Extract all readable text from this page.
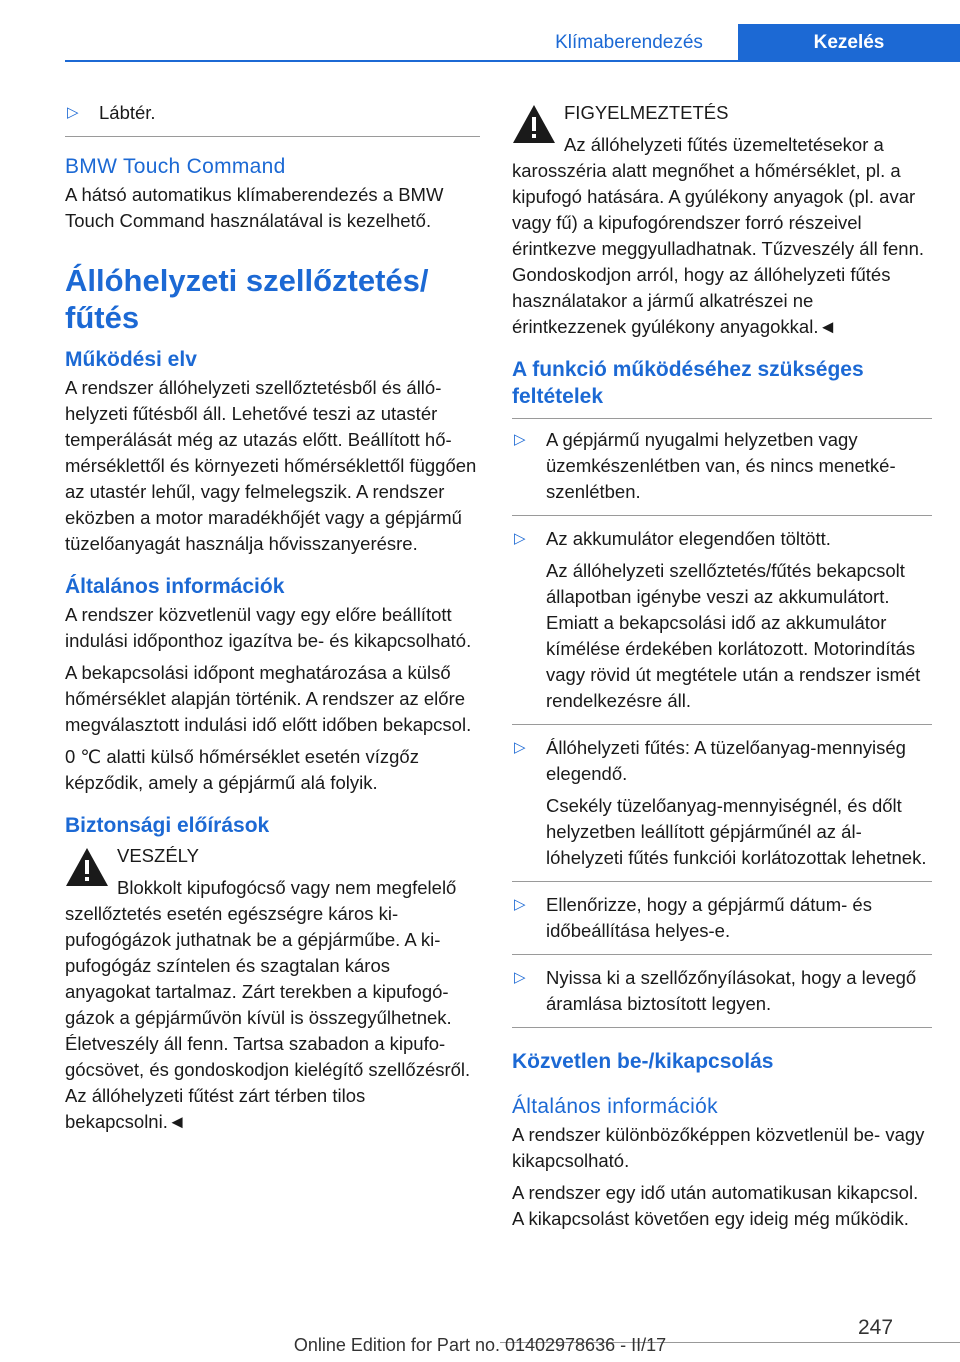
Klímaberendezés	Kezelés
▷ Lábtér.
BMW Touch Command
A hátsó automatikus klímaberendezés a BMW Touch Command használatával is kezelhető.
Állóhelyzeti szellőztetés/ fűtés
Működési elv
A rendszer állóhelyzeti szellőztetésből és állóhelyzeti fűtésből áll. Lehetővé teszi az utastér temperálását még az utazás előtt. Beállított hőmérséklettől és környezeti hőmérséklettől függően az utastér lehűl, vagy felmelegszik. A rendszer eközben a motor maradékhőjét vagy a gépjármű tüzelőanyagát használja hővisszanyerésre.
Általános információk
A rendszer közvetlenül vagy egy előre beállított indulási időponthoz igazítva be- és kikapcsolható.
A bekapcsolási időpont meghatározása a külső hőmérséklet alapján történik. A rendszer az előre megválasztott indulási idő előtt időben bekapcsol.
0 ℃ alatti külső hőmérséklet esetén vízgőz képződik, amely a gépjármű alá folyik.
Biztonsági előírások
VESZÉLY
Blokkolt kipufogócső vagy nem megfelelő szellőztetés esetén egészségre káros kipufogógázok juthatnak be a gépjárműbe. A kipufogógáz színtelen és szagtalan káros anyagokat tartalmaz. Zárt terekben a kipufogógázok a gépjárművön kívül is összegyűlhetnek. Életveszély áll fenn. Tartsa szabadon a kipufogócsövet, és gondoskodjon kielégítő szellőzésről. Az állóhelyzeti fűtést zárt térben tilos bekapcsolni.◄
FIGYELMEZTETÉS
Az állóhelyzeti fűtés üzemeltetésekor a karosszéria alatt megnőhet a hőmérséklet, pl. a kipufogó hatására. A gyúlékony anyagok (pl. avar vagy fű) a kipufogórendszer forró részeivel érintkezve meggyulladhatnak. Tűzveszély áll fenn. Gondoskodjon arról, hogy az állóhelyzeti fűtés használatakor a jármű alkatrészei ne érintkezzenek gyúlékony anyagokkal.◄
A funkció működéséhez szükséges feltételek
▷ A gépjármű nyugalmi helyzetben vagy üzemkészenlétben van, és nincs menetkészenlétben.
▷ Az akkumulátor elegendően töltött.
Az állóhelyzeti szellőztetés/fűtés bekapcsolt állapotban igénybe veszi az akkumulátort. Emiatt a bekapcsolási idő az akkumulátor kímélése érdekében korlátozott. Motorindítás vagy rövid út megtétele után a rendszer ismét rendelkezésre áll.
▷ Állóhelyzeti fűtés: A tüzelőanyag-mennyiség elegendő.
Csekély tüzelőanyag-mennyiségnél, és dőlt helyzetben leállított gépjárműnél az állóhelyzeti fűtés funkciói korlátozottak lehetnek.
▷ Ellenőrizze, hogy a gépjármű dátum- és időbeállítása helyes-e.
▷ Nyissa ki a szellőzőnyílásokat, hogy a levegő áramlása biztosított legyen.
Közvetlen be-/kikapcsolás
Általános információk
A rendszer különbözőképpen közvetlenül be- vagy kikapcsolható.
A rendszer egy idő után automatikusan kikapcsol. A kikapcsolást követően egy ideig még működik.
247
Online Edition for Part no. 01402978636 - II/17
